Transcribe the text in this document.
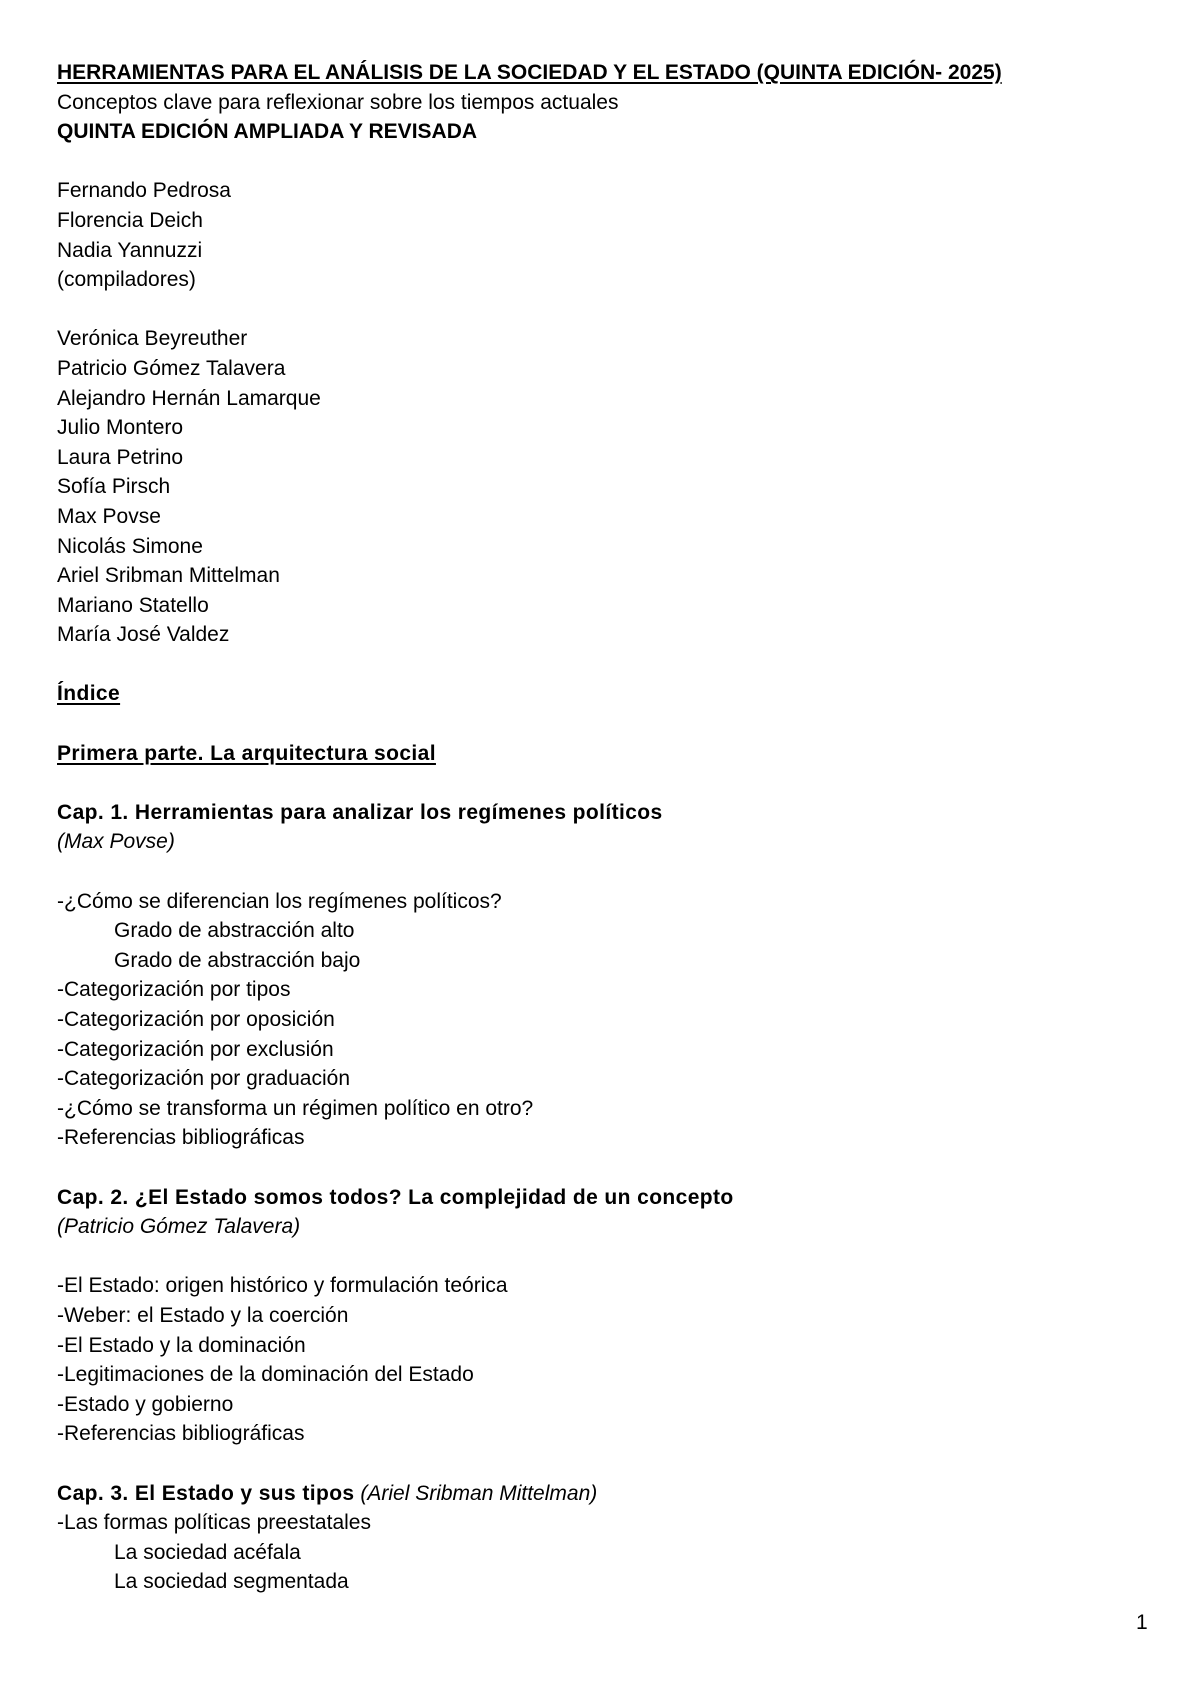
HERRAMIENTAS PARA EL ANÁLISIS DE LA SOCIEDAD Y EL ESTADO (QUINTA EDICIÓN- 2025)
Conceptos clave para reflexionar sobre los tiempos actuales
QUINTA EDICIÓN AMPLIADA Y REVISADA
Fernando Pedrosa
Florencia Deich
Nadia Yannuzzi
(compiladores)
Verónica Beyreuther
Patricio Gómez Talavera
Alejandro Hernán Lamarque
Julio Montero
Laura Petrino
Sofía Pirsch
Max Povse
Nicolás Simone
Ariel Sribman Mittelman
Mariano Statello
María José Valdez
Índice
Primera parte. La arquitectura social
Cap. 1. Herramientas para analizar los regímenes políticos
(Max Povse)
-¿Cómo se diferencian los regímenes políticos?
Grado de abstracción alto
Grado de abstracción bajo
-Categorización por tipos
-Categorización por oposición
-Categorización por exclusión
-Categorización por graduación
-¿Cómo se transforma un régimen político en otro?
-Referencias bibliográficas
Cap. 2. ¿El Estado somos todos? La complejidad de un concepto
(Patricio Gómez Talavera)
-El Estado: origen histórico y formulación teórica
-Weber: el Estado y la coerción
-El Estado y la dominación
-Legitimaciones de la dominación del Estado
-Estado y gobierno
-Referencias bibliográficas
Cap. 3. El Estado y sus tipos (Ariel Sribman Mittelman)
-Las formas políticas preestatales
La sociedad acéfala
La sociedad segmentada
1
